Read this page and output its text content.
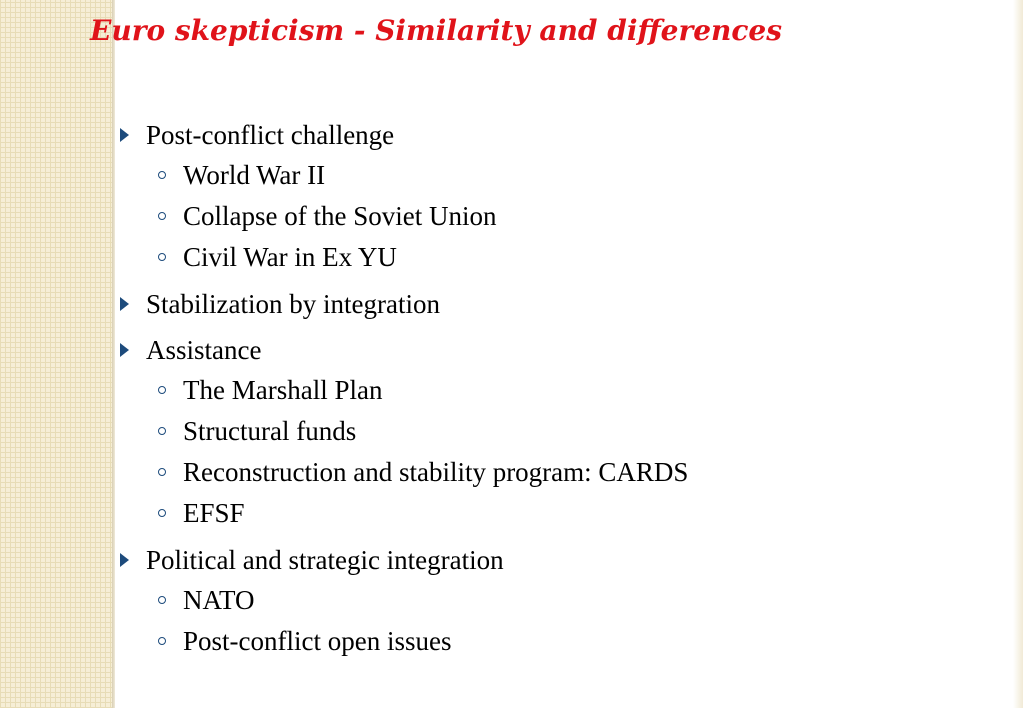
Euro skepticism - Similarity and differences
Post-conflict challenge
World War II
Collapse of the Soviet Union
Civil War in Ex YU
Stabilization by integration
Assistance
The Marshall Plan
Structural funds
Reconstruction and stability program: CARDS
EFSF
Political and strategic integration
NATO
Post-conflict open issues
